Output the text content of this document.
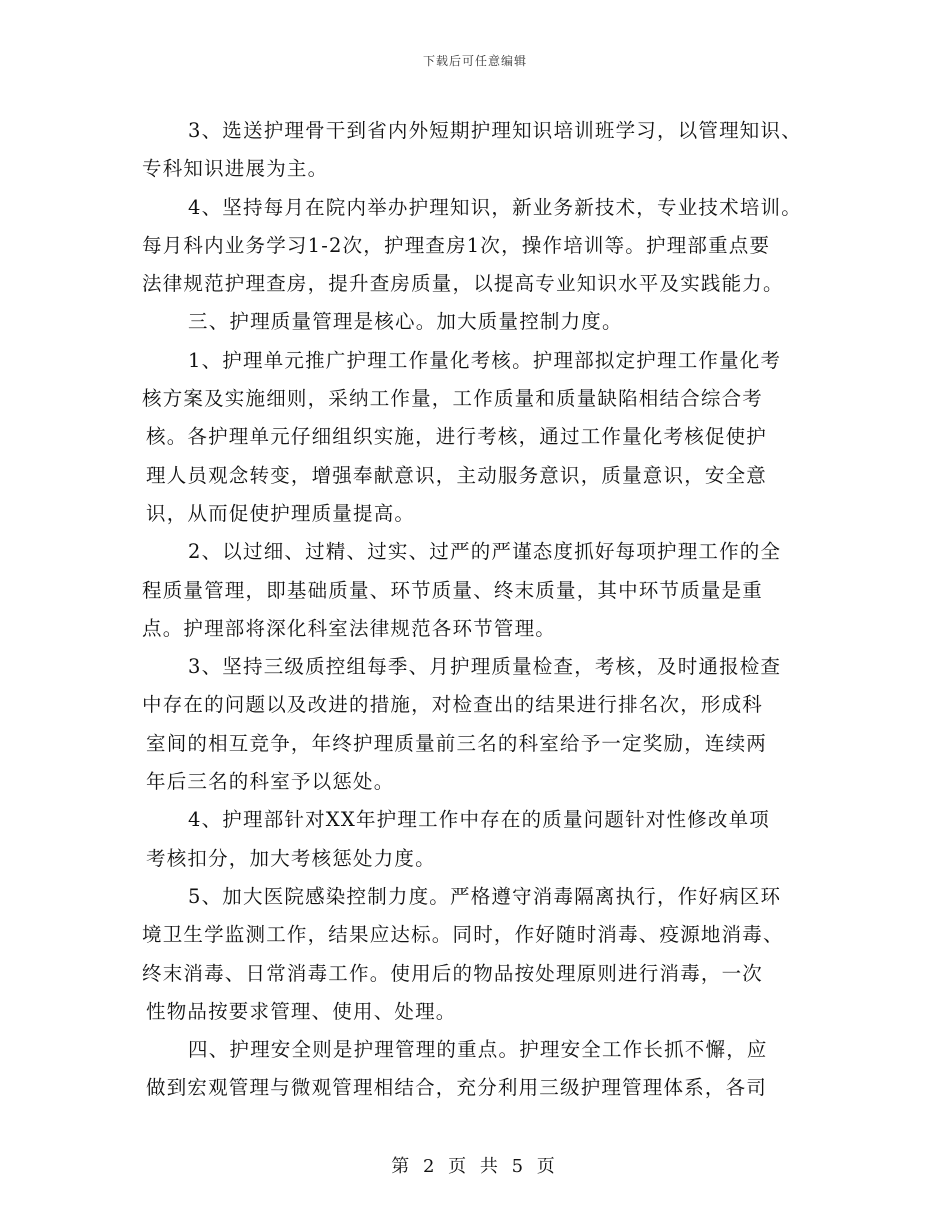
下载后可任意编辑
3、选送护理骨干到省内外短期护理知识培训班学习，以管理知识、
专科知识进展为主。
4、坚持每月在院内举办护理知识，新业务新技术，专业技术培训。
每月科内业务学习1-2次，护理查房1次，操作培训等。护理部重点要
法律规范护理查房，提升查房质量，以提高专业知识水平及实践能力。
三、护理质量管理是核心。加大质量控制力度。
1、护理单元推广护理工作量化考核。护理部拟定护理工作量化考
核方案及实施细则，采纳工作量，工作质量和质量缺陷相结合综合考
核。各护理单元仔细组织实施，进行考核，通过工作量化考核促使护
理人员观念转变，增强奉献意识，主动服务意识，质量意识，安全意
识，从而促使护理质量提高。
2、以过细、过精、过实、过严的严谨态度抓好每项护理工作的全
程质量管理，即基础质量、环节质量、终末质量，其中环节质量是重
点。护理部将深化科室法律规范各环节管理。
3、坚持三级质控组每季、月护理质量检查，考核，及时通报检查
中存在的问题以及改进的措施，对检查出的结果进行排名次，形成科
室间的相互竞争，年终护理质量前三名的科室给予一定奖励，连续两
年后三名的科室予以惩处。
4、护理部针对XX年护理工作中存在的质量问题针对性修改单项
考核扣分，加大考核惩处力度。
5、加大医院感染控制力度。严格遵守消毒隔离执行，作好病区环
境卫生学监测工作，结果应达标。同时，作好随时消毒、疫源地消毒、
终末消毒、日常消毒工作。使用后的物品按处理原则进行消毒，一次
性物品按要求管理、使用、处理。
四、护理安全则是护理管理的重点。护理安全工作长抓不懈，应
做到宏观管理与微观管理相结合，充分利用三级护理管理体系，各司
第 2 页 共 5 页
